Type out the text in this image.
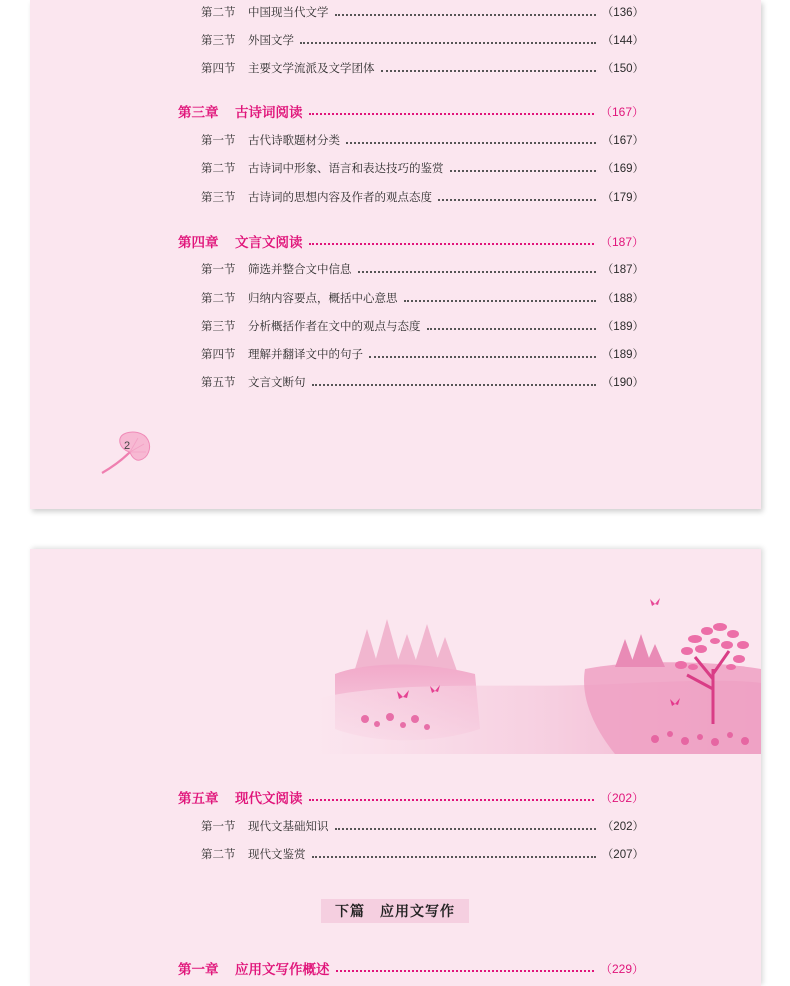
第二节	中国现当代文学	（136）
第三节	外国文学	（144）
第四节	主要文学流派及文学团体	（150）
第三章	古诗词阅读	（167）
第一节	古代诗歌题材分类	（167）
第二节	古诗词中形象、语言和表达技巧的鉴赏	（169）
第三节	古诗词的思想内容及作者的观点态度	（179）
第四章	文言文阅读	（187）
第一节	筛选并整合文中信息	（187）
第二节	归纳内容要点，概括中心意思	（188）
第三节	分析概括作者在文中的观点与态度	（189）
第四节	理解并翻译文中的句子	（189）
第五节	文言文断句	（190）
2
第五章	现代文阅读	（202）
第一节	现代文基础知识	（202）
第二节	现代文鉴赏	（207）
下篇　应用文写作
第一章	应用文写作概述	（229）
